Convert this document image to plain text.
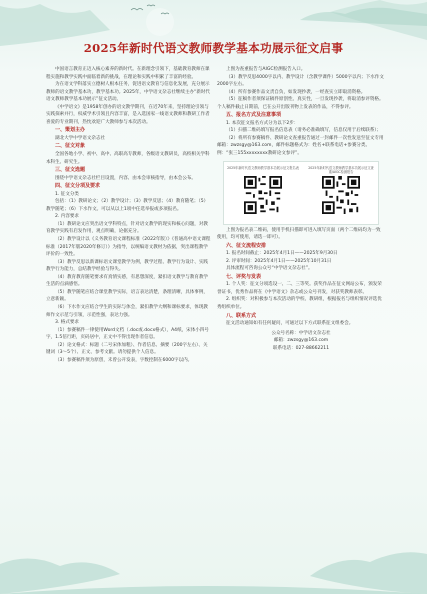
2025年新时代语文教师教学基本功展示征文启事

中国语言教育正迈入核心素养的新时代。在新理念引领下，基础教育教师在课程实施和教学实践中面临着新的挑战，在理论和实践中积累了丰富的经验。

为在语文学科落实立德树人根本任务，促进语文教育与信息化发展，充分展示教师的语文教学基本功，教学基本功。2025年，中学语文杂志社继续主办“新时代语文教师教学基本功展示”征文活动。

《中学语文》是1958年创办的语文教学期刊，在近70年来，坚持理论引领与实践探索并行，权威学术引领且内容丰富，是入选国家一线语文教师和教研工作者喜爱的专业期刊，热忱欢迎广大教师参与本次活动。

一、策划主办

湖北大学中学语文杂志社

二、征文对象

全国各地小学、初中、高中、高职高专教师，各级语文教研员，高校相关学科本科生、研究生。

三、征文选题

围绕中学语文杂志社栏目设置，内容、由本会审核指导，由本会公布。

四、征文分项及要求

1. 征文分类

包括：（1）教研论文；（2）教学设计；（3）教学反思；（4）教育随笔；（5）教学随笔；（6）下水作文。可以从以上1项中任选举报或多项报名。

2. 内容要求

（1）教研论文应突出语文学科特点，针对语文教学的现实和核心问题，对教育教学实践有启发作用，观点明确，论据充分。

（2）教学设计以《义务教育语文课程标准（2022年版）》《普通高中语文课程标准（2017年版2020年修订）》为指导，以统编语文教材为依据，突出课程教学评价的一致性。

（3）教学反思以新课标语文课堂教学为例，教学过程、教学行为设计、实践教学行为能力，总结教学经验与得失。

（4）教育教育随笔要求有真情实感，有思想深度，紧扣语文教学与教育教学生活的点滴感悟。

（5）教学随笔应结合课堂教学实际，语言表达清楚，条理清晰，具体事例，立意新颖。

（6）下水作文应结合学生的实际与体会，紧扣教学大纲和课标要求，体现教师作文示范与引领，示范性强，表达力强。

3. 格式要求

（1）参赛稿件一律使用Word文档（.doc或.docx格式），A4纸，宋体小四号字，1.5倍行距，页码居中，正文中不得出现作者信息。

（2）论文格式：标题（二号宋体加粗）、作者信息、摘要（200字左右）、关键词（3～5个）、正文、参考文献。请勿提供个人信息。

（3）参赛稿件须为原创，未曾公开发表，字数控制在6000字以内。

上图为查重报告与AIGC检测报告入口。

（3）教学反思4000字以内、教学设计（含教学课件）5000字以内；下水作文2000字左右。

（4）所有参赛作品文责自负，如发现抄袭，一经查实立即取消资格。

（5）征稿作者须保证稿件原创性、真实性，一旦发现抄袭，将取消参评资格。个人稿件截止日期前，已在公开出版刊物上发表的作品，不得参评。

五、报名方式及注意事项

1. 本次征文报名方式分为以下2步：

（1）扫描二维码填写报名信息表（请务必准确填写，信息仅用于后续联系）；

（2）将所有参赛稿件、教研论文查重报告通过一封邮件一次性发送至征文专用邮箱：zwzsgy@163.com，邮件标题格式为：姓名+联系电话+参赛分类。例：“张三155xxxxxxxx教研论文参评”。

2025年新时代语文教师教学基本功展示征文报名表	2025年新时代语文教师教学基本功展示征文查重/AIGC检测报告

上图为报名表二维码，使用手机扫描即可进入填写页面（两个二维码均为一致使用，均可使用，请选一即可）。

六、征文流程安排

1. 报名时间截止：2025年4月1日——2025年9月30日

2. 评审时间：2025年4月1日——2025年10月31日

具体流程可咨询公众号“中学语文杂志社”。

七、评奖与发表

1. 个人奖：征文分项选设一、二、三等奖。获奖作品在征文网站公布，颁发荣誉证书，优秀作品将在《中学语文》杂志或公众号刊发，对获奖教师表彰。

2. 组织奖：对积极参与本次活动的学校、教研组，根据报名与组织情况评选优秀组织单位。

八、联系方式

征文活动通知如有任何疑问，可通过以下方式联系征文组委会。

公众号名称：中学语文杂志社

邮箱：zwzsgy@163.com

联系电话：027-88662211
